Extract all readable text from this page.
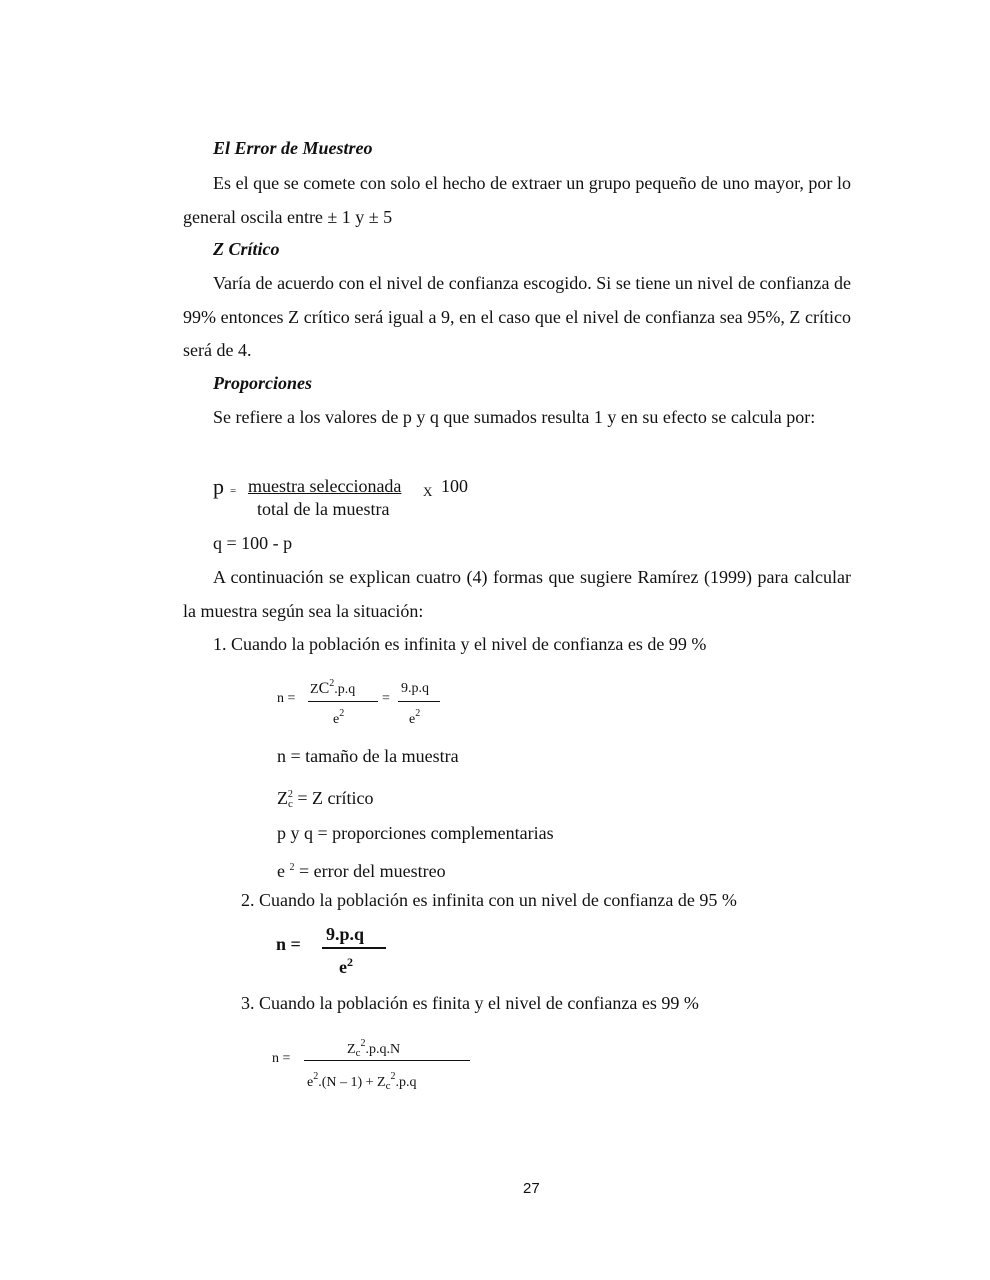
El Error de Muestreo
Es el que se comete con solo el hecho de extraer un grupo pequeño de uno mayor, por lo general oscila entre ± 1 y ± 5
Z Crítico
Varía de acuerdo con el nivel de confianza escogido. Si se tiene un nivel de confianza de 99% entonces Z crítico será igual a 9, en el caso que el nivel de confianza sea 95%, Z crítico será de 4.
Proporciones
Se refiere a los valores de p y q que sumados resulta 1 y en su efecto se calcula por:
p = muestra seleccionada
total de la muestra
X 100
q = 100 - p
A continuación se explican cuatro (4) formas que sugiere Ramírez (1999) para calcular la muestra según sea la situación:
1. Cuando la población es infinita y el nivel de confianza es de 99 %
n =
$ZC^2.p.q$
$e^2$
=
9.p.q
$e^2$
n = tamaño de la muestra
$Z_c^2 = Z$ crítico
p y q = proporciones complementarias
e $^2$ = error del muestreo
2. Cuando la población es infinita con un nivel de confianza de 95 %
n = 9.p.q
$e^2$
3. Cuando la población es finita y el nivel de confianza es 99 %
n =
$Z_c^2.p.q.N$
$e^2.(N - 1) + Z_c^2.p.q$
27
